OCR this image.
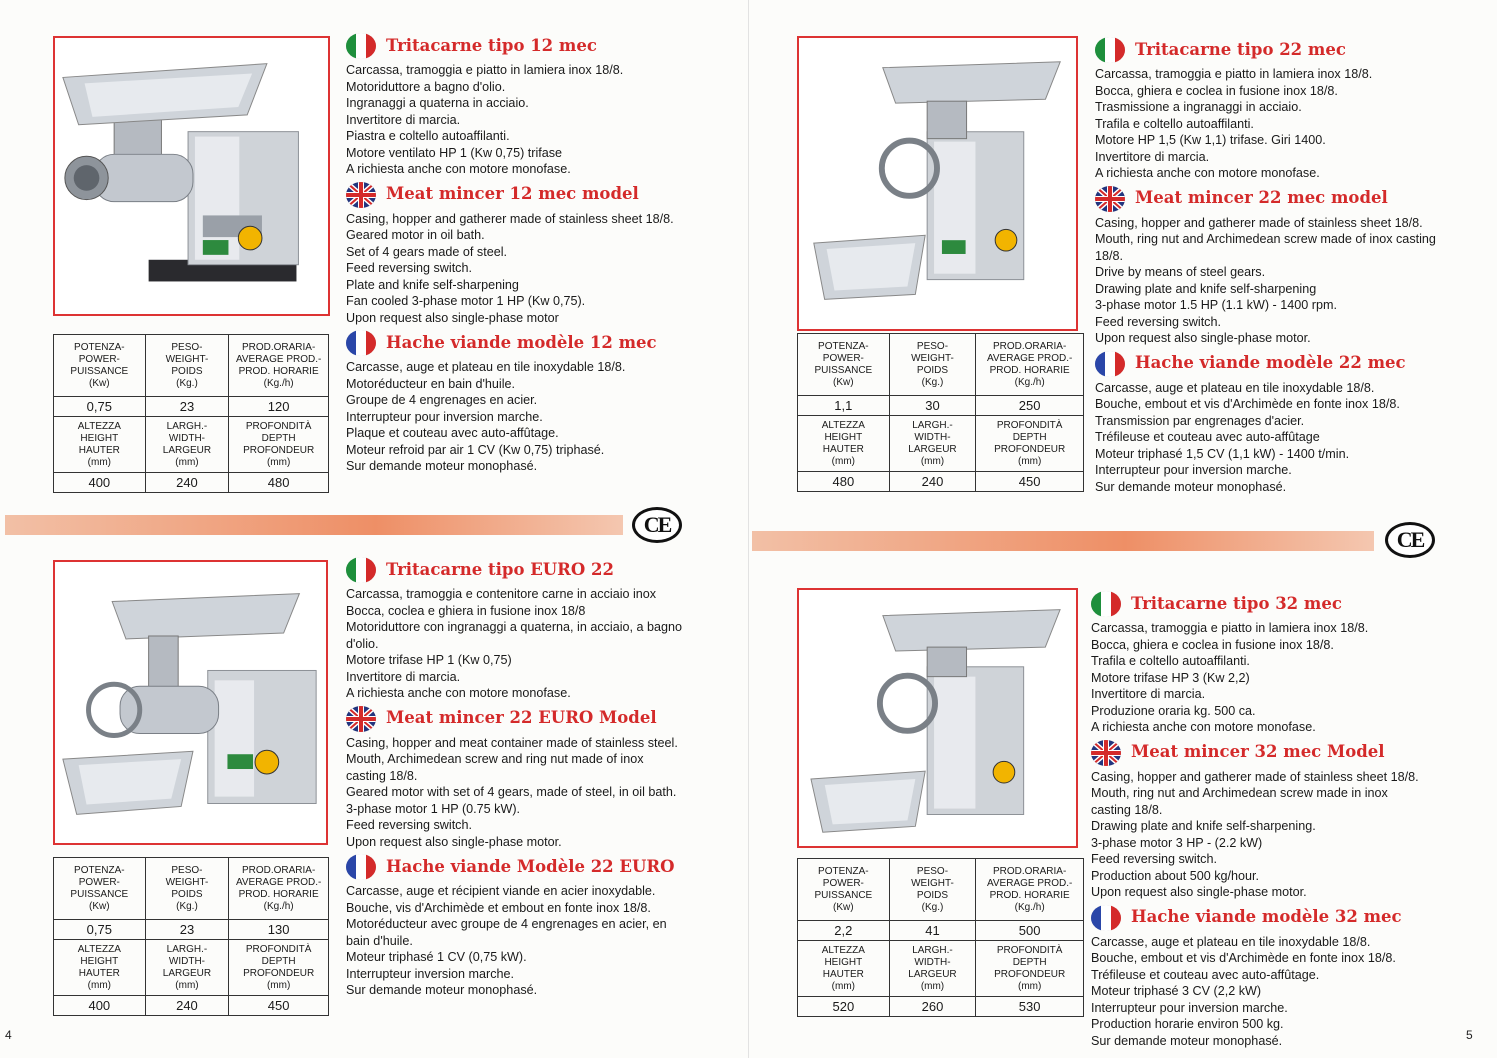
CE
CE
4	5
POTENZA-
POWER-
PUISSANCE
(Kw)	PESO-
WEIGHT-
POIDS
(Kg.)	PROD.ORARIA-
AVERAGE PROD.-
PROD. HORARIE
(Kg./h)

0,75	23	120

ALTEZZA
HEIGHT
HAUTER
(mm)	LARGH.-
WIDTH-
LARGEUR
(mm)	PROFONDITÀ
DEPTH
PROFONDEUR
(mm)

400	240	480
POTENZA-
POWER-
PUISSANCE
(Kw)	PESO-
WEIGHT-
POIDS
(Kg.)	PROD.ORARIA-
AVERAGE PROD.-
PROD. HORARIE
(Kg./h)

0,75	23	130

ALTEZZA
HEIGHT
HAUTER
(mm)	LARGH.-
WIDTH-
LARGEUR
(mm)	PROFONDITÀ
DEPTH
PROFONDEUR
(mm)

400	240	450
POTENZA-
POWER-
PUISSANCE
(Kw)	PESO-
WEIGHT-
POIDS
(Kg.)	PROD.ORARIA-
AVERAGE PROD.-
PROD. HORARIE
(Kg./h)

1,1	30	250

ALTEZZA
HEIGHT
HAUTER
(mm)	LARGH.-
WIDTH-
LARGEUR
(mm)	PROFONDITÀ
DEPTH
PROFONDEUR
(mm)

480	240	450
POTENZA-
POWER-
PUISSANCE
(Kw)	PESO-
WEIGHT-
POIDS
(Kg.)	PROD.ORARIA-
AVERAGE PROD.-
PROD. HORARIE
(Kg./h)

2,2	41	500

ALTEZZA
HEIGHT
HAUTER
(mm)	LARGH.-
WIDTH-
LARGEUR
(mm)	PROFONDITÀ
DEPTH
PROFONDEUR
(mm)

520	260	530
Tritacarne tipo 12 mec
Carcassa, tramoggia e piatto in lamiera inox 18/8.
Motoriduttore a bagno d'olio.
Ingranaggi a quaterna in acciaio.
Invertitore di marcia.
Piastra e coltello autoaffilanti.
Motore ventilato HP 1 (Kw 0,75) trifase
A richiesta anche con motore monofase.
Meat mincer 12 mec model
Casing, hopper and gatherer made of stainless sheet 18/8.
Geared motor in oil bath.
Set of 4 gears made of steel.
Feed reversing switch.
Plate and knife self-sharpening
Fan cooled 3-phase motor 1 HP (Kw 0,75).
Upon request also single-phase motor
Hache viande modèle 12 mec
Carcasse, auge et plateau en tile inoxydable 18/8.
Motoréducteur en bain d'huile.
Groupe de 4 engrenages en acier.
Interrupteur pour inversion marche.
Plaque et couteau avec auto-affûtage.
Moteur refroid par air 1 CV (Kw 0,75) triphasé.
Sur demande moteur monophasé.
Tritacarne tipo EURO 22
Carcassa, tramoggia e contenitore carne in acciaio inox
Bocca, coclea e ghiera in fusione inox 18/8
Motoriduttore con ingranaggi a quaterna, in acciaio, a bagno d'olio.
Motore trifase HP 1 (Kw 0,75)
Invertitore di marcia.
A richiesta anche con motore monofase.
Meat mincer 22 EURO Model
Casing, hopper and meat container made of stainless steel.
Mouth, Archimedean screw and ring nut made of inox casting 18/8.
Geared motor with set of 4 gears, made of steel, in oil bath.
3-phase motor 1 HP (0.75 kW).
Feed reversing switch.
Upon request also single-phase motor.
Hache viande Modèle 22 EURO
Carcasse, auge et récipient viande en acier inoxydable.
Bouche, vis d'Archimède et embout en fonte inox 18/8.
Motoréducteur avec groupe de 4 engrenages en acier, en bain d'huile.
Moteur triphasé 1 CV (0,75 kW).
Interrupteur inversion marche.
Sur demande moteur monophasé.
Tritacarne tipo 22 mec
Carcassa, tramoggia e piatto in lamiera inox 18/8.
Bocca, ghiera e coclea in fusione inox 18/8.
Trasmissione a ingranaggi in acciaio.
Trafila e coltello autoaffilanti.
Motore HP 1,5 (Kw 1,1) trifase. Giri 1400.
Invertitore di marcia.
A richiesta anche con motore monofase.
Meat mincer 22 mec model
Casing, hopper and gatherer made of stainless sheet 18/8.
Mouth, ring nut and Archimedean screw made of inox casting 18/8.
Drive by means of steel gears.
Drawing plate and knife self-sharpening
3-phase motor 1.5 HP (1.1 kW) - 1400 rpm.
Feed reversing switch.
Upon request also single-phase motor.
Hache viande modèle 22 mec
Carcasse, auge et plateau en tile inoxydable 18/8.
Bouche, embout et vis d'Archimède en fonte inox 18/8.
Transmission par engrenages d'acier.
Tréfileuse et couteau avec auto-affûtage
Moteur triphasé 1,5 CV (1,1 kW) - 1400 t/min.
Interrupteur pour inversion marche.
Sur demande moteur monophasé.
Tritacarne tipo 32 mec
Carcassa, tramoggia e piatto in lamiera inox 18/8.
Bocca, ghiera e coclea in fusione inox 18/8.
Trafila e coltello autoaffilanti.
Motore trifase HP 3 (Kw 2,2)
Invertitore di marcia.
Produzione oraria kg. 500 ca.
A richiesta anche con motore monofase.
Meat mincer 32 mec Model
Casing, hopper and gatherer made of stainless sheet 18/8.
Mouth, ring nut and Archimedean screw made in inox casting 18/8.
Drawing plate and knife self-sharpening.
3-phase motor 3 HP - (2.2 kW)
Feed reversing switch.
Production about 500 kg/hour.
Upon request also single-phase motor.
Hache viande modèle 32 mec
Carcasse, auge et plateau en tile inoxydable 18/8.
Bouche, embout et vis d'Archimède en fonte inox 18/8.
Tréfileuse et couteau avec auto-affûtage.
Moteur triphasé 3 CV (2,2 kW)
Interrupteur pour inversion marche.
Production horarie environ 500 kg.
Sur demande moteur monophasé.
